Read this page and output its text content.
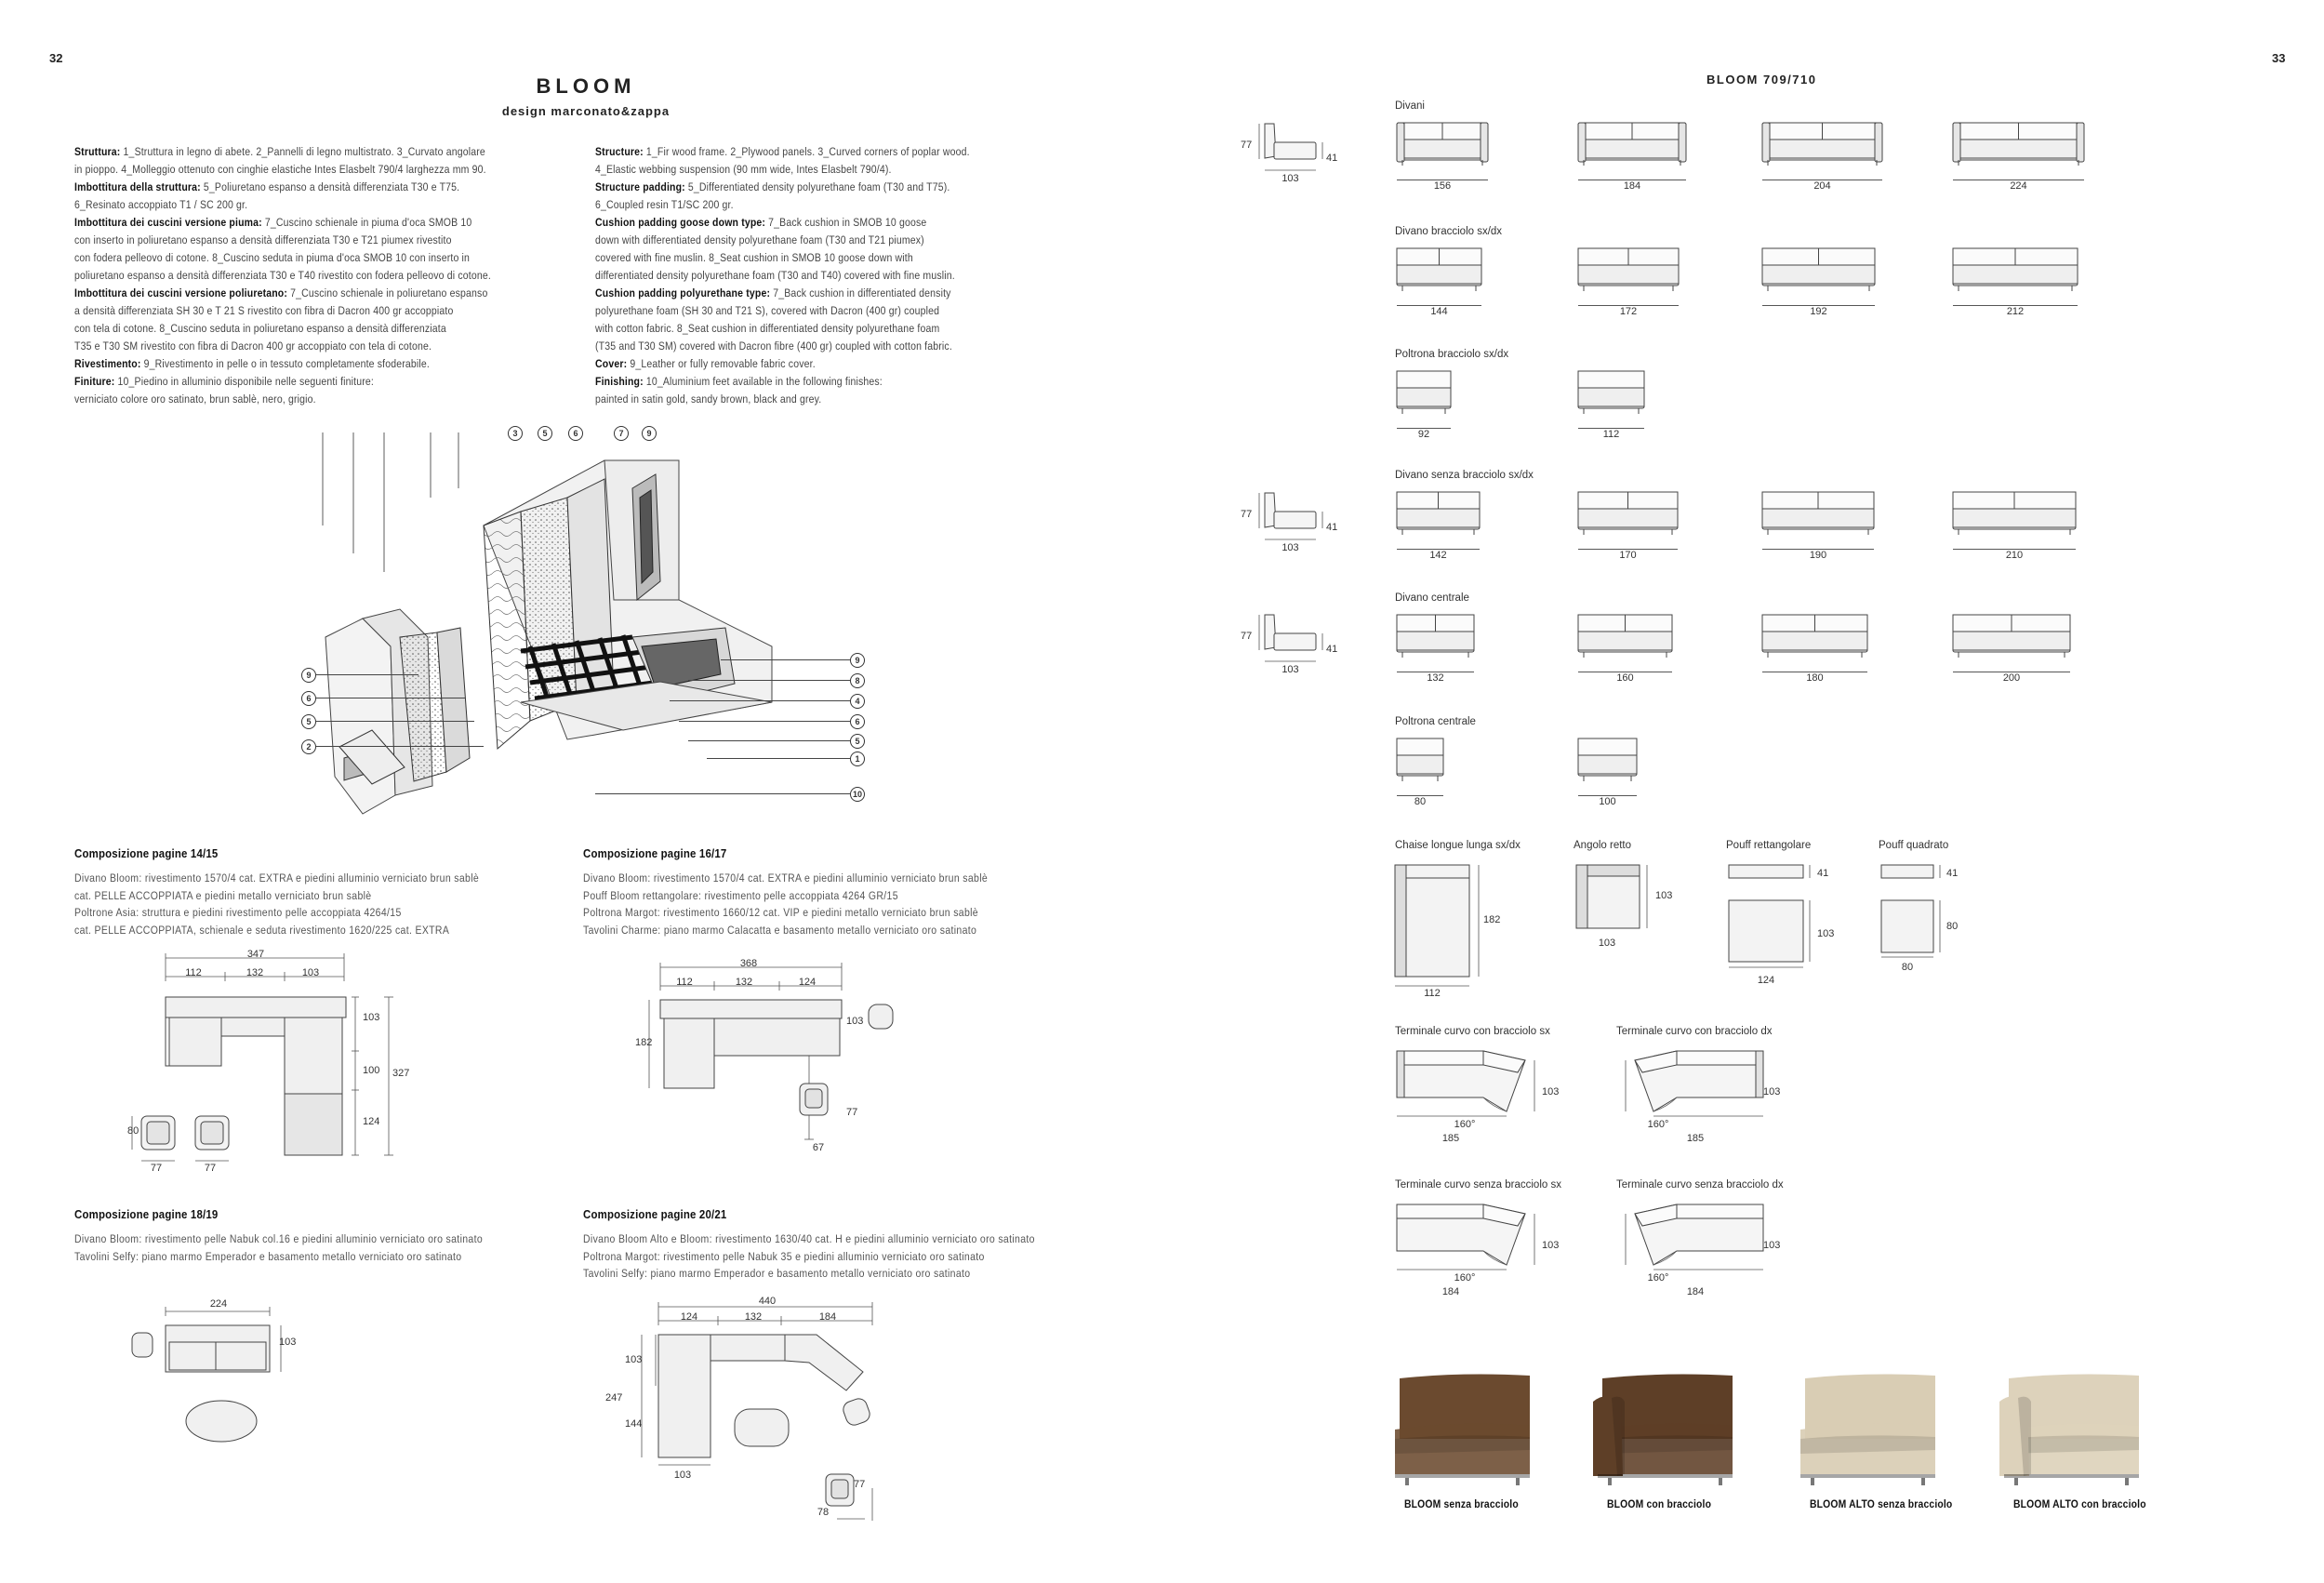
32	33
BLOOM
design marconato&zappa
Struttura: 1_Struttura in legno di abete. 2_Pannelli di legno multistrato. 3_Curvato angolare
in pioppo. 4_Molleggio ottenuto con cinghie elastiche Intes Elasbelt 790/4 larghezza mm 90.
Imbottitura della struttura: 5_Poliuretano espanso a densità differenziata T30 e T75.
6_Resinato accoppiato T1 / SC 200 gr.
Imbottitura dei cuscini versione piuma: 7_Cuscino schienale in piuma d'oca SMOB 10
con inserto in poliuretano espanso a densità differenziata T30 e T21 piumex rivestito
con fodera pelleovo di cotone. 8_Cuscino seduta in piuma d'oca SMOB 10 con inserto in
poliuretano espanso a densità differenziata T30 e T40 rivestito con fodera pelleovo di cotone.
Imbottitura dei cuscini versione poliuretano: 7_Cuscino schienale in poliuretano espanso
a densità differenziata SH 30 e T 21 S rivestito con fibra di Dacron 400 gr accoppiato
con tela di cotone. 8_Cuscino seduta in poliuretano espanso a densità differenziata
T35 e T30 SM rivestito con fibra di Dacron 400 gr accoppiato con tela di cotone.
Rivestimento: 9_Rivestimento in pelle o in tessuto completamente sfoderabile.
Finiture: 10_Piedino in alluminio disponibile nelle seguenti finiture:
verniciato colore oro satinato, brun sablè, nero, grigio.
Structure: 1_Fir wood frame. 2_Plywood panels. 3_Curved corners of poplar wood.
4_Elastic webbing suspension (90 mm wide, Intes Elasbelt 790/4).
Structure padding: 5_Differentiated density polyurethane foam (T30 and T75).
6_Coupled resin T1/SC 200 gr.
Cushion padding goose down type: 7_Back cushion in SMOB 10 goose
down with differentiated density polyurethane foam (T30 and T21 piumex)
covered with fine muslin. 8_Seat cushion in SMOB 10 goose down with
differentiated density polyurethane foam (T30 and T40) covered with fine muslin.
Cushion padding polyurethane type: 7_Back cushion in differentiated density
polyurethane foam (SH 30 and T21 S), covered with Dacron (400 gr) coupled
with cotton fabric. 8_Seat cushion in differentiated density polyurethane foam
(T35 and T30 SM) covered with Dacron fibre (400 gr) coupled with cotton fabric.
Cover: 9_Leather or fully removable fabric cover.
Finishing: 10_Aluminium feet available in the following finishes:
painted in satin gold, sandy brown, black and grey.
3	5	6	7	9
9
6
5
2
9
8
4
6
5
1
10
Composizione pagine 14/15
Divano Bloom: rivestimento 1570/4 cat. EXTRA e piedini alluminio verniciato brun sablè
cat. PELLE ACCOPPIATA e piedini metallo verniciato brun sablè
Poltrone Asia: struttura e piedini rivestimento pelle accoppiata 4264/15
cat. PELLE ACCOPPIATA, schienale e seduta rivestimento 1620/225 cat. EXTRA
Composizione pagine 16/17
Divano Bloom: rivestimento 1570/4 cat. EXTRA e piedini alluminio verniciato brun sablè
Pouff Bloom rettangolare: rivestimento pelle accoppiata 4264 GR/15
Poltrona Margot: rivestimento 1660/12 cat. VIP e piedini metallo verniciato brun sablè
Tavolini Charme: piano marmo Calacatta e basamento metallo verniciato oro satinato
Composizione pagine 18/19
Divano Bloom: rivestimento pelle Nabuk col.16 e piedini alluminio verniciato oro satinato
Tavolini Selfy: piano marmo Emperador e basamento metallo verniciato oro satinato
Composizione pagine 20/21
Divano Bloom Alto e Bloom: rivestimento 1630/40 cat. H e piedini alluminio verniciato oro satinato
Poltrona Margot: rivestimento pelle Nabuk 35 e piedini alluminio verniciato oro satinato
Tavolini Selfy: piano marmo Emperador e basamento metallo verniciato oro satinato
347
112	132	103
103
100
124
327
80
77	77
368
112	132	124
182
103
77
67
224
103
440
124	132	184
103
247
144
103
77
78
BLOOM 709/710
Divani
156	184	204	224
Divano bracciolo sx/dx
144	172	192	212
Poltrona bracciolo sx/dx
92	112
Divano senza bracciolo sx/dx
142	170	190	210
Divano centrale
132	160	180	200
Poltrona centrale
80	100
77
41
103
77
41
103
77
41
103
Chaise longue lunga sx/dx
112
182
Angolo retto
103
103
Pouff rettangolare
41
103
124
Pouff quadrato
41
80
80
Terminale curvo con bracciolo sx
160°
185
103
Terminale curvo con bracciolo dx
160°
185
103
Terminale curvo senza bracciolo sx
160°
184
103
Terminale curvo senza bracciolo dx
160°
184
103
BLOOM senza bracciolo	BLOOM con bracciolo	BLOOM ALTO senza bracciolo	BLOOM ALTO con bracciolo
